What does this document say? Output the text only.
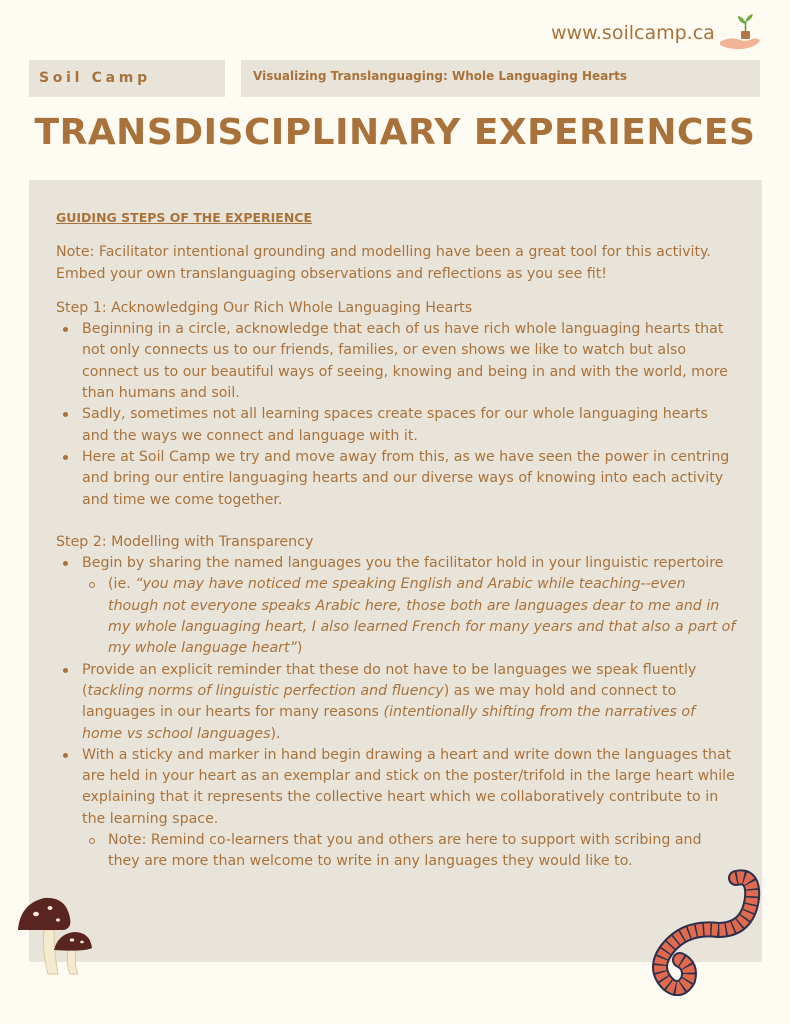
www.soilcamp.ca
Soil Camp	Visualizing Translanguaging: Whole Languaging Hearts
TRANSDISCIPLINARY EXPERIENCES
GUIDING STEPS OF THE EXPERIENCE
Note: Facilitator intentional grounding and modelling have been a great tool for this activity. Embed your own translanguaging observations and reflections as you see fit!
Step 1: Acknowledging Our Rich Whole Languaging Hearts
Beginning in a circle, acknowledge that each of us have rich whole languaging hearts that not only connects us to our friends, families, or even shows we like to watch but also connect us to our beautiful ways of seeing, knowing and being in and with the world, more than humans and soil.
Sadly, sometimes not all learning spaces create spaces for our whole languaging hearts and the ways we connect and language with it.
Here at Soil Camp we try and move away from this, as we have seen the power in centring and bring our entire languaging hearts and our diverse ways of knowing into each activity and time we come together.
Step 2: Modelling with Transparency
Begin by sharing the named languages you the facilitator hold in your linguistic repertoire
(ie. “you may have noticed me speaking English and Arabic while teaching--even though not everyone speaks Arabic here, those both are languages dear to me and in my whole languaging heart, I also learned French for many years and that also a part of my whole language heart”)
Provide an explicit reminder that these do not have to be languages we speak fluently (tackling norms of linguistic perfection and fluency) as we may hold and connect to languages in our hearts for many reasons (intentionally shifting from the narratives of home vs school languages).
With a sticky and marker in hand begin drawing a heart and write down the languages that are held in your heart as an exemplar and stick on the poster/trifold in the large heart while explaining that it represents the collective heart which we collaboratively contribute to in the learning space.
Note: Remind co-learners that you and others are here to support with scribing and they are more than welcome to write in any languages they would like to.
